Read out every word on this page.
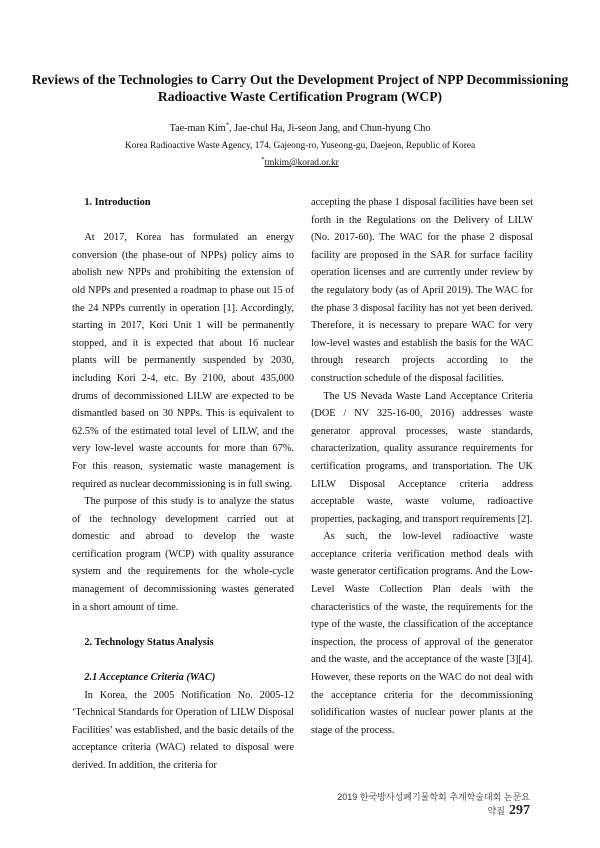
Reviews of the Technologies to Carry Out the Development Project of NPP Decommissioning Radioactive Waste Certification Program (WCP)
Tae-man Kim*, Jae-chul Ha, Ji-seon Jang, and Chun-hyung Cho
Korea Radioactive Waste Agency, 174, Gajeong-ro, Yuseong-gu, Daejeon, Republic of Korea
*tmkim@korad.or.kr

1. Introduction

At 2017, Korea has formulated an energy conversion (the phase-out of NPPs) policy aims to abolish new NPPs and prohibiting the extension of old NPPs and presented a roadmap to phase out 15 of the 24 NPPs currently in operation [1]. Accordingly, starting in 2017, Kori Unit 1 will be permanently stopped, and it is expected that about 16 nuclear plants will be permanently suspended by 2030, including Kori 2-4, etc. By 2100, about 435,000 drums of decommissioned LILW are expected to be dismantled based on 30 NPPs. This is equivalent to 62.5% of the estimated total level of LILW, and the very low-level waste accounts for more than 67%. For this reason, systematic waste management is required as nuclear decommissioning is in full swing.

The purpose of this study is to analyze the status of the technology development carried out at domestic and abroad to develop the waste certification program (WCP) with quality assurance system and the requirements for the whole-cycle management of decommissioning wastes generated in a short amount of time.

2. Technology Status Analysis

2.1 Acceptance Criteria (WAC)

In Korea, the 2005 Notification No. 2005-12 ‘Technical Standards for Operation of LILW Disposal Facilities’ was established, and the basic details of the acceptance criteria (WAC) related to disposal were derived. In addition, the criteria for

accepting the phase 1 disposal facilities have been set forth in the Regulations on the Delivery of LILW (No. 2017-60). The WAC for the phase 2 disposal facility are proposed in the SAR for surface facility operation licenses and are currently under review by the regulatory body (as of April 2019). The WAC for the phase 3 disposal facility has not yet been derived. Therefore, it is necessary to prepare WAC for very low-level wastes and establish the basis for the WAC through research projects according to the construction schedule of the disposal facilities.

The US Nevada Waste Land Acceptance Criteria (DOE / NV 325-16-00, 2016) addresses waste generator approval processes, waste standards, characterization, quality assurance requirements for certification programs, and transportation. The UK LILW Disposal Acceptance criteria address acceptable waste, waste volume, radioactive properties, packaging, and transport requirements [2].

As such, the low-level radioactive waste acceptance criteria verification method deals with waste generator certification programs. And the Low-Level Waste Collection Plan deals with the characteristics of the waste, the requirements for the type of the waste, the classification of the acceptance inspection, the process of approval of the generator and the waste, and the acceptance of the waste [3][4]. However, these reports on the WAC do not deal with the acceptance criteria for the decommissioning solidification wastes of nuclear power plants at the stage of the process.

2019 한국방사성폐기물학회 추계학술대회 논문요약집 297
